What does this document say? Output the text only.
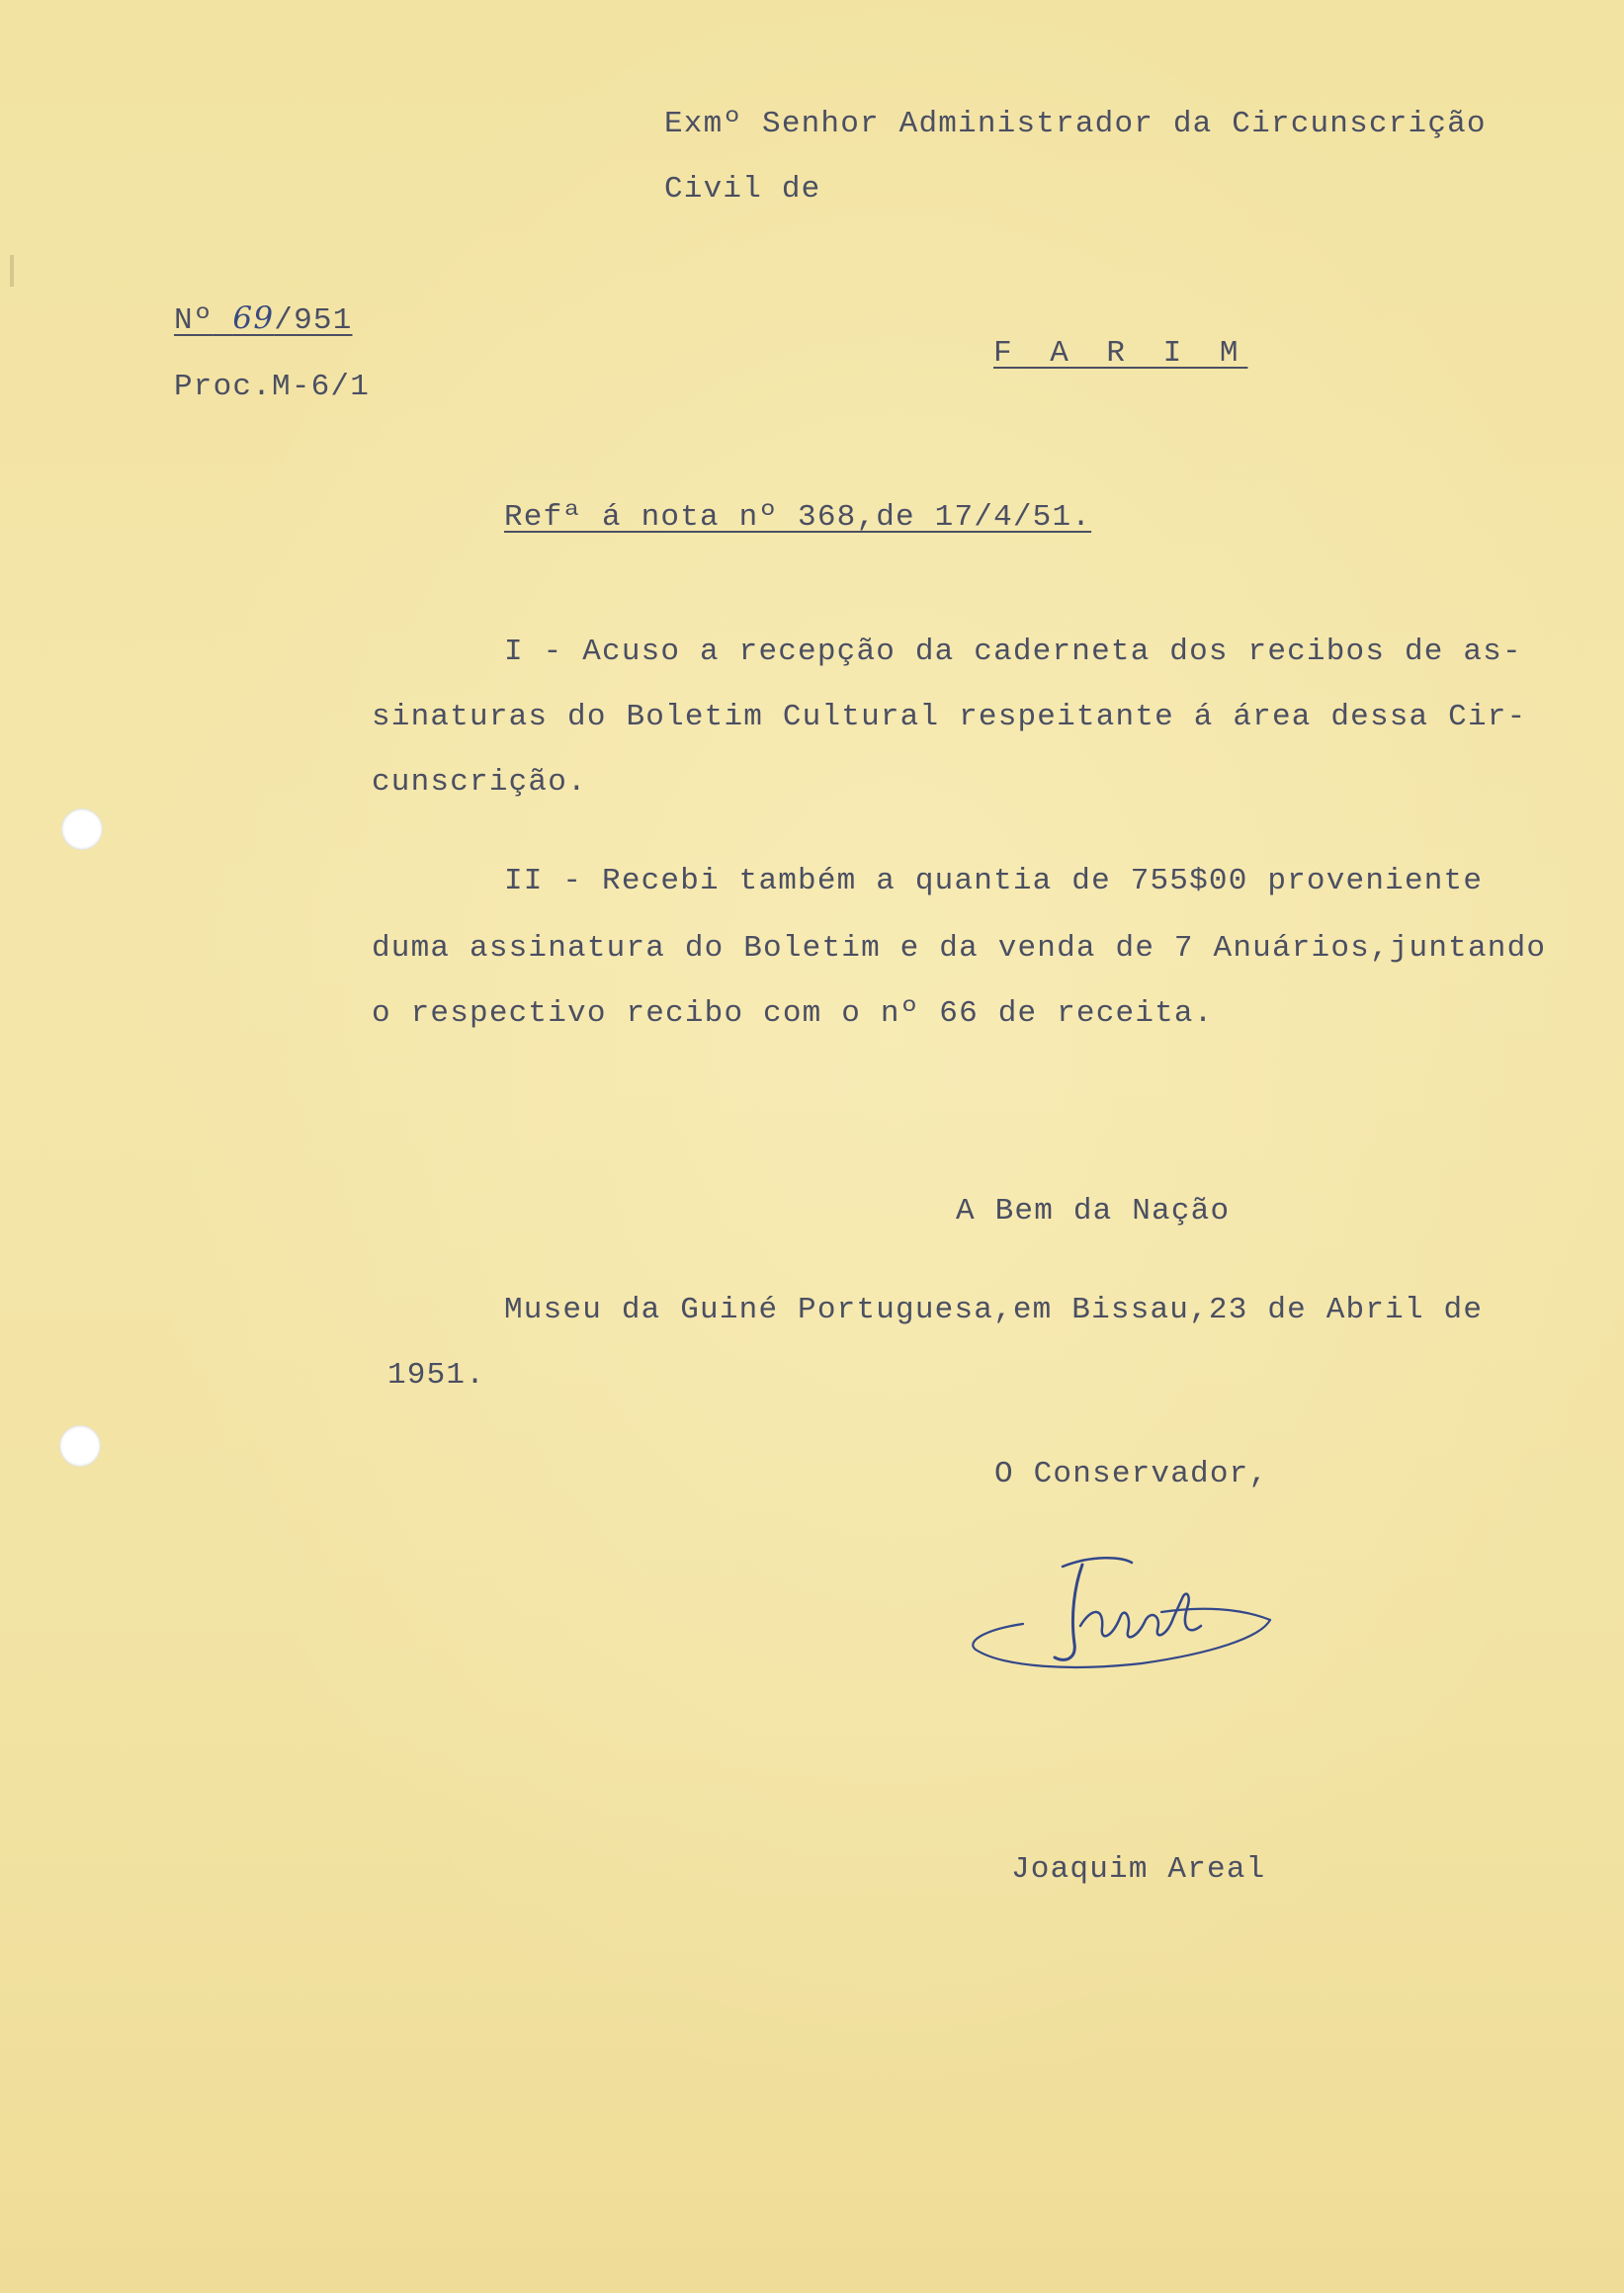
Exmº Senhor Administrador da Circunscrição
Civil de
Nº 69/951
Proc.M-6/1
F A R I M
Refª á nota nº 368,de 17/4/51.
I - Acuso a recepção da caderneta dos recibos de as-
sinaturas do Boletim Cultural respeitante á área dessa Cir-
cunscrição.
II - Recebi também a quantia de 755$00 proveniente
duma assinatura do Boletim e da venda de 7 Anuários,juntando
o respectivo recibo com o nº 66 de receita.
A Bem da Nação
Museu da Guiné Portuguesa,em Bissau,23 de Abril de
1951.
O Conservador,
Joaquim Areal
